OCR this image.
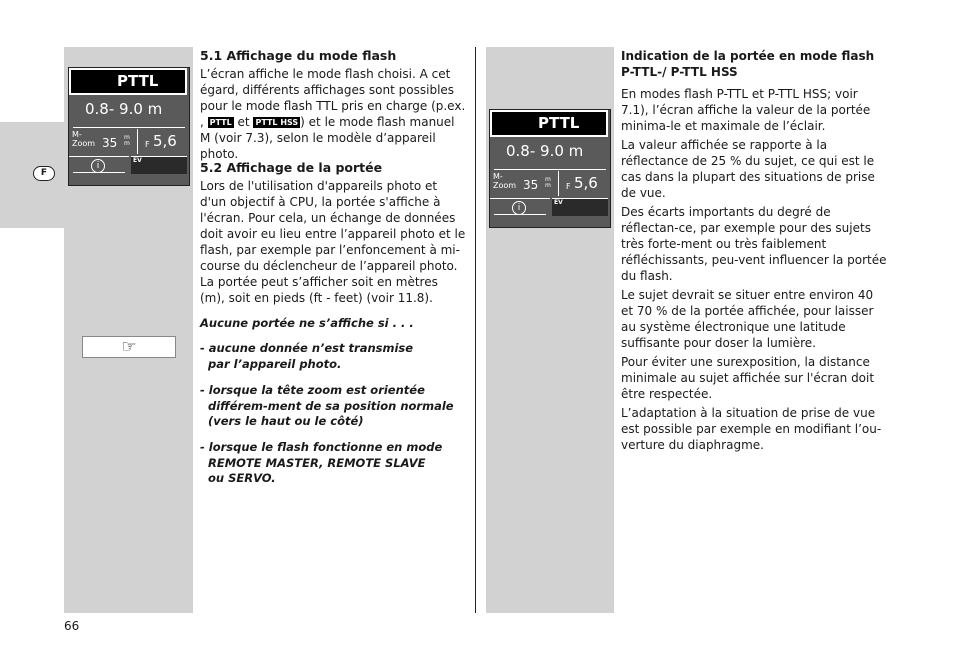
F
PTTL
0.8- 9.0 m
M-
Zoom 35 m
m F 5,6
i
EV
☞
5.1 Affichage du mode flash
L’écran affiche le mode flash choisi. A cet égard, différents affichages sont possibles pour le mode flash TTL pris en charge (p.ex. , PTTL et PTTL HSS ) et le mode flash manuel M (voir 7.3), selon le modèle d’appareil photo.
5.2 Affichage de la portée
Lors de l'utilisation d'appareils photo et d'un objectif à CPU, la portée s'affiche à l'écran. Pour cela, un échange de données doit avoir eu lieu entre l’appareil photo et le flash, par exemple par l’enfoncement à mi-course du déclencheur de l’appareil photo. La portée peut s’afficher soit en mètres (m), soit en pieds (ft - feet) (voir 11.8).
Aucune portée ne s’affiche si . . .
- aucune donnée n’est transmise par l’appareil photo.
- lorsque la tête zoom est orientée différem-ment de sa position normale (vers le haut ou le côté)
- lorsque le flash fonctionne en mode REMOTE MASTER, REMOTE SLAVE ou SERVO.
PTTL
0.8- 9.0 m
M-
Zoom 35 m
m F 5,6
i
EV
Indication de la portée en mode flash P-TTL-/ P-TTL HSS
En modes flash P-TTL et P-TTL HSS; voir 7.1), l’écran affiche la valeur de la portée minima-le et maximale de l’éclair.
La valeur affichée se rapporte à la réflectance de 25 % du sujet, ce qui est le cas dans la plupart des situations de prise de vue.
Des écarts importants du degré de réflectan-ce, par exemple pour des sujets très forte-ment ou très faiblement réfléchissants, peu-vent influencer la portée du flash.
Le sujet devrait se situer entre environ 40 et 70 % de la portée affichée, pour laisser au système électronique une latitude suffisante pour doser la lumière.
Pour éviter une surexposition, la distance minimale au sujet affichée sur l'écran doit être respectée.
L’adaptation à la situation de prise de vue est possible par exemple en modifiant l’ou-verture du diaphragme.
66
